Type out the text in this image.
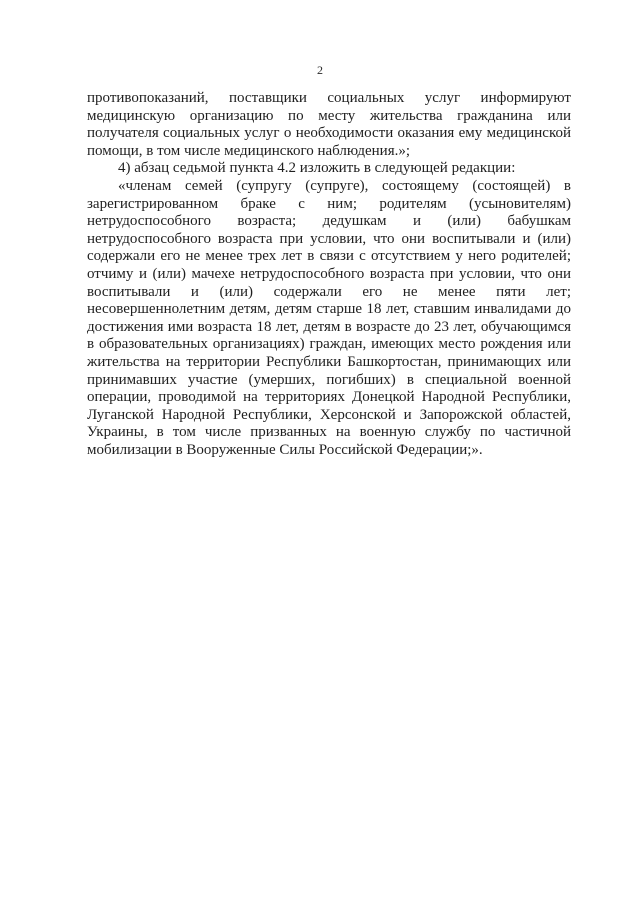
2

противопоказаний, поставщики социальных услуг информируют медицинскую организацию по месту жительства гражданина или получателя социальных услуг о необходимости оказания ему медицинской помощи, в том числе медицинского наблюдения.»;

4) абзац седьмой пункта 4.2 изложить в следующей редакции:

«членам семей (супругу (супруге), состоящему (состоящей) в зарегистрированном браке с ним; родителям (усыновителям) нетрудоспособного возраста; дедушкам и (или) бабушкам нетрудоспособного возраста при условии, что они воспитывали и (или) содержали его не менее трех лет в связи с отсутствием у него родителей; отчиму и (или) мачехе нетрудоспособного возраста при условии, что они воспитывали и (или) содержали его не менее пяти лет; несовершеннолетним детям, детям старше 18 лет, ставшим инвалидами до достижения ими возраста 18 лет, детям в возрасте до 23 лет, обучающимся в образовательных организациях) граждан, имеющих место рождения или жительства на территории Республики Башкортостан, принимающих или принимавших участие (умерших, погибших) в специальной военной операции, проводимой на территориях Донецкой Народной Республики, Луганской Народной Республики, Херсонской и Запорожской областей, Украины, в том числе призванных на военную службу по частичной мобилизации в Вооруженные Силы Российской Федерации;».
